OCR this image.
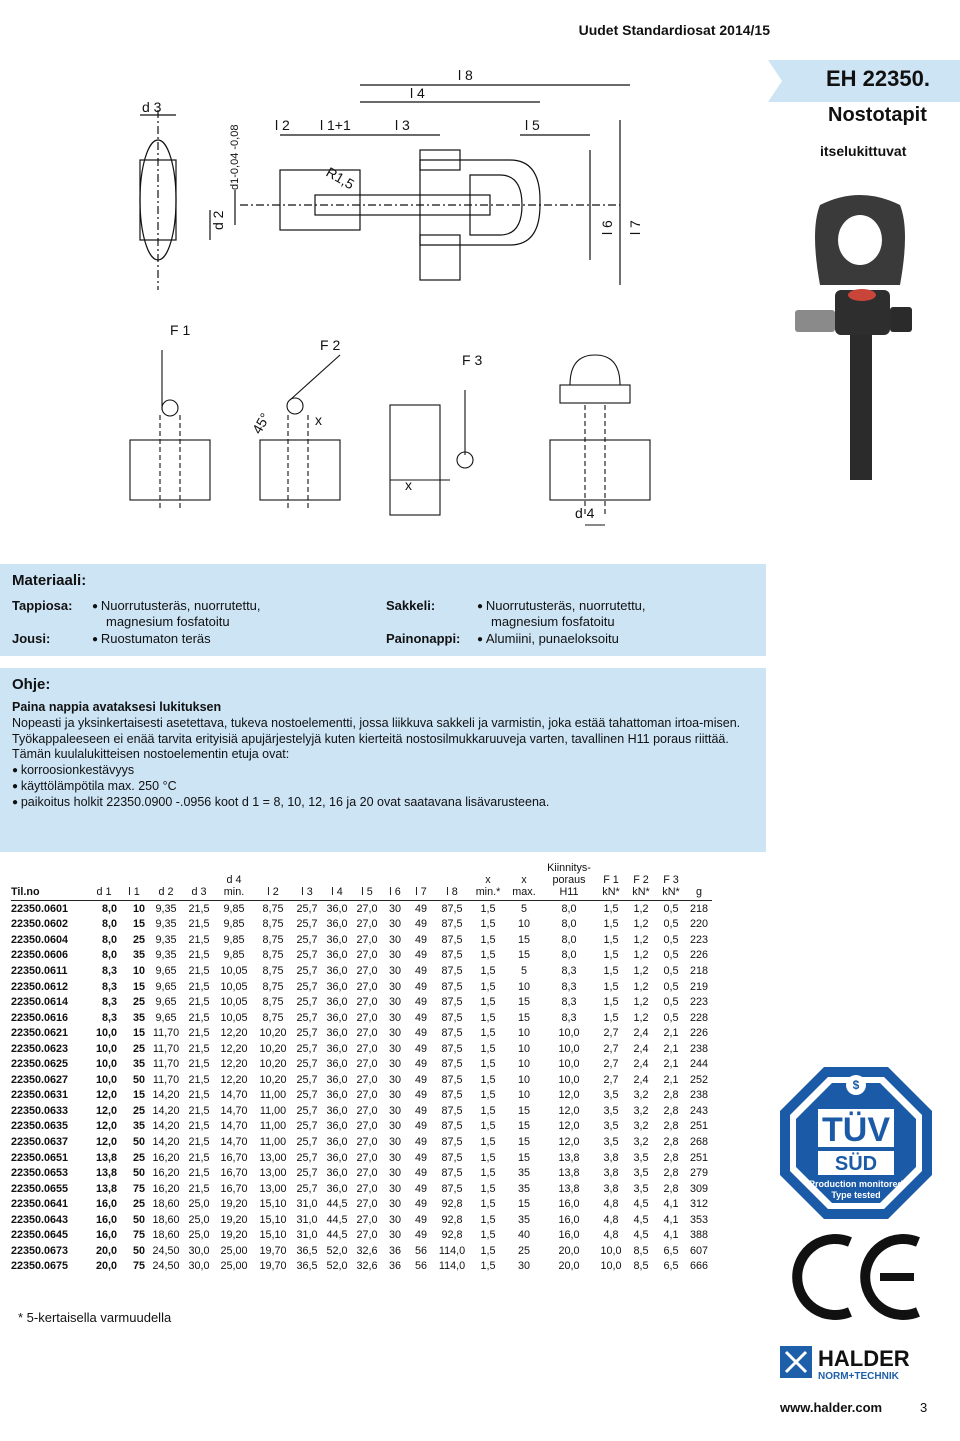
Uudet Standardiosat 2014/15
EH 22350.
Nostotapit
itselukittuvat
d 3
l 2 l 1+1	l 3
l 4
l 8
l 5
d1-0,04 -0,08
d 2
R1,5
l 6 l 7
F 1
F 2
F 3
45°	x
x
d 4
Materiaali:
Tappiosa:	● Nuorrutusteräs, nuorrutettu,
magnesium fosfatoitu
Jousi:	● Ruostumaton teräs
Sakkeli:	● Nuorrutusteräs, nuorrutettu,
magnesium fosfatoitu
Painonappi:	● Alumiini, punaeloksoitu
Ohje:

Paina nappia avataksesi lukituksen

Nopeasti ja yksinkertaisesti asetettava, tukeva nostoelementti, jossa liikkuva sakkeli ja varmistin, joka estää tahattoman irtoa-misen. Työkappaleeseen ei enää tarvita erityisiä apujärjestelyjä kuten kierteitä nostosilmukkaruuveja varten, tavallinen H11 poraus riittää.

Tämän kuulalukitteisen nostoelementin etuja ovat:

● korroosionkestävyys

● käyttölämpötila max. 250 °C

● paikoitus holkit 22350.0900 -.0956 koot d 1 = 8, 10, 12, 16 ja 20 ovat saatavana lisävarusteena.

Til.no	d 1	l 1	d 2	d 3	d 4 min.	l 2	l 3	l 4	l 5	l 6	l 7	l 8	x min.*	x max.	Kiinnitys- poraus H11	F 1 kN*	F 2 kN*	F 3 kN*	g
22350.0601	8,0	10	9,35	21,5	9,85	8,75	25,7	36,0	27,0	30	49	87,5	1,5	5	8,0	1,5	1,2	0,5	218
22350.0602	8,0	15	9,35	21,5	9,85	8,75	25,7	36,0	27,0	30	49	87,5	1,5	10	8,0	1,5	1,2	0,5	220
22350.0604	8,0	25	9,35	21,5	9,85	8,75	25,7	36,0	27,0	30	49	87,5	1,5	15	8,0	1,5	1,2	0,5	223
22350.0606	8,0	35	9,35	21,5	9,85	8,75	25,7	36,0	27,0	30	49	87,5	1,5	15	8,0	1,5	1,2	0,5	226
22350.0611	8,3	10	9,65	21,5	10,05	8,75	25,7	36,0	27,0	30	49	87,5	1,5	5	8,3	1,5	1,2	0,5	218
22350.0612	8,3	15	9,65	21,5	10,05	8,75	25,7	36,0	27,0	30	49	87,5	1,5	10	8,3	1,5	1,2	0,5	219
22350.0614	8,3	25	9,65	21,5	10,05	8,75	25,7	36,0	27,0	30	49	87,5	1,5	15	8,3	1,5	1,2	0,5	223
22350.0616	8,3	35	9,65	21,5	10,05	8,75	25,7	36,0	27,0	30	49	87,5	1,5	15	8,3	1,5	1,2	0,5	228
22350.0621	10,0	15	11,70	21,5	12,20	10,20	25,7	36,0	27,0	30	49	87,5	1,5	10	10,0	2,7	2,4	2,1	226
22350.0623	10,0	25	11,70	21,5	12,20	10,20	25,7	36,0	27,0	30	49	87,5	1,5	10	10,0	2,7	2,4	2,1	238
22350.0625	10,0	35	11,70	21,5	12,20	10,20	25,7	36,0	27,0	30	49	87,5	1,5	10	10,0	2,7	2,4	2,1	244
22350.0627	10,0	50	11,70	21,5	12,20	10,20	25,7	36,0	27,0	30	49	87,5	1,5	10	10,0	2,7	2,4	2,1	252
22350.0631	12,0	15	14,20	21,5	14,70	11,00	25,7	36,0	27,0	30	49	87,5	1,5	10	12,0	3,5	3,2	2,8	238
22350.0633	12,0	25	14,20	21,5	14,70	11,00	25,7	36,0	27,0	30	49	87,5	1,5	15	12,0	3,5	3,2	2,8	243
22350.0635	12,0	35	14,20	21,5	14,70	11,00	25,7	36,0	27,0	30	49	87,5	1,5	15	12,0	3,5	3,2	2,8	251
22350.0637	12,0	50	14,20	21,5	14,70	11,00	25,7	36,0	27,0	30	49	87,5	1,5	15	12,0	3,5	3,2	2,8	268
22350.0651	13,8	25	16,20	21,5	16,70	13,00	25,7	36,0	27,0	30	49	87,5	1,5	15	13,8	3,8	3,5	2,8	251
22350.0653	13,8	50	16,20	21,5	16,70	13,00	25,7	36,0	27,0	30	49	87,5	1,5	35	13,8	3,8	3,5	2,8	279
22350.0655	13,8	75	16,20	21,5	16,70	13,00	25,7	36,0	27,0	30	49	87,5	1,5	35	13,8	3,8	3,5	2,8	309
22350.0641	16,0	25	18,60	25,0	19,20	15,10	31,0	44,5	27,0	30	49	92,8	1,5	15	16,0	4,8	4,5	4,1	312
22350.0643	16,0	50	18,60	25,0	19,20	15,10	31,0	44,5	27,0	30	49	92,8	1,5	35	16,0	4,8	4,5	4,1	353
22350.0645	16,0	75	18,60	25,0	19,20	15,10	31,0	44,5	27,0	30	49	92,8	1,5	40	16,0	4,8	4,5	4,1	388
22350.0673	20,0	50	24,50	30,0	25,00	19,70	36,5	52,0	32,6	36	56	114,0	1,5	25	20,0	10,0	8,5	6,5	607
22350.0675	20,0	75	24,50	30,0	25,00	19,70	36,5	52,0	32,6	36	56	114,0	1,5	30	20,0	10,0	8,5	6,5	666
* 5-kertaisella varmuudella
$
TÜV
SÜD
Production monitored
Type tested
HALDER
NORM+TECHNIK
www.halder.com	3
